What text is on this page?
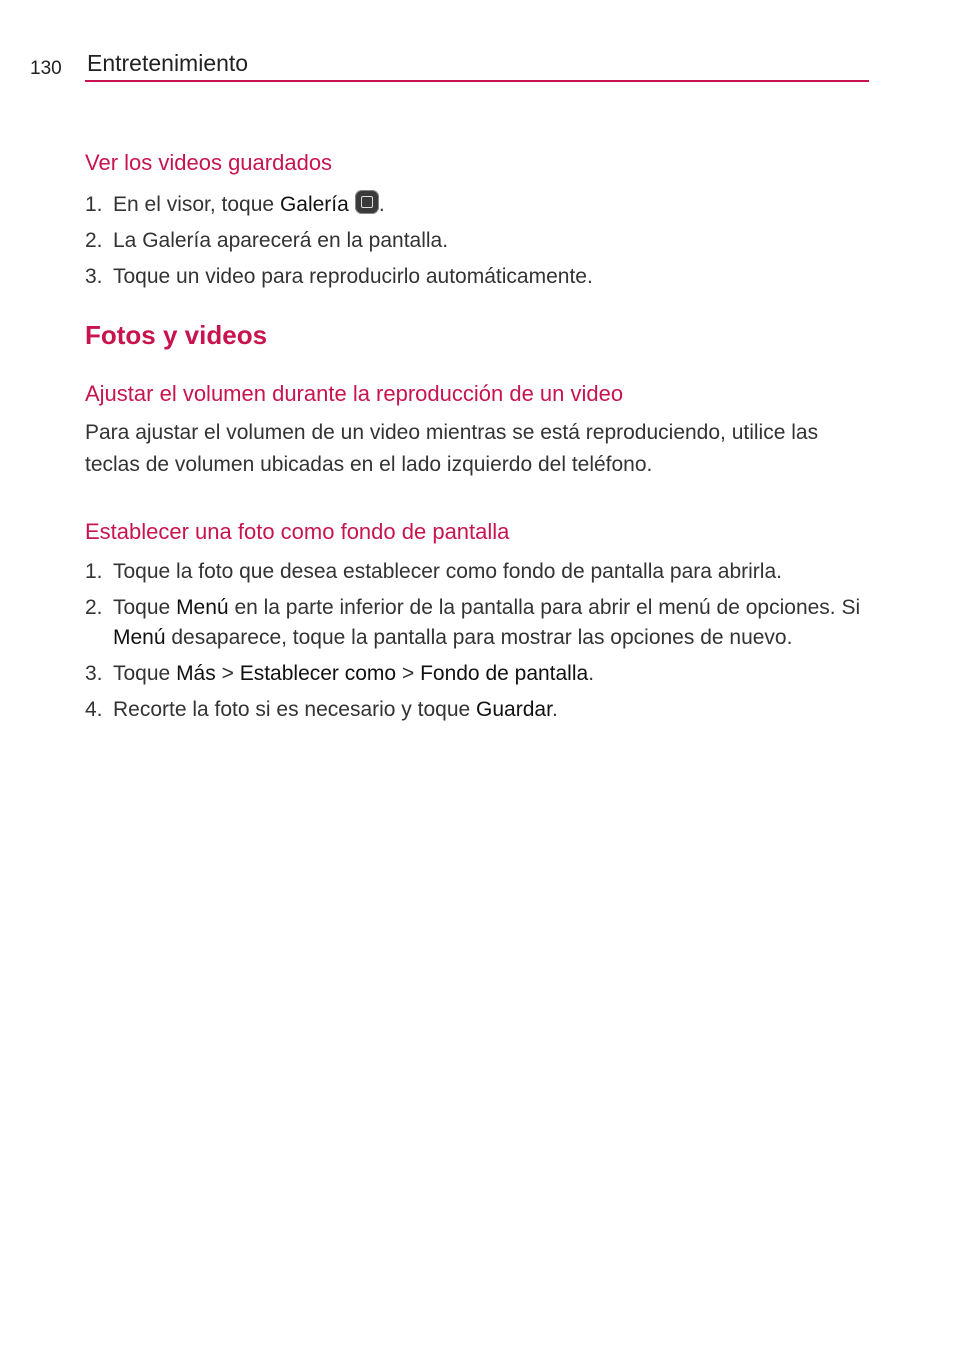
130 Entretenimiento
Ver los videos guardados
1. En el visor, toque Galería .
2. La Galería aparecerá en la pantalla.
3. Toque un video para reproducirlo automáticamente.
Fotos y videos
Ajustar el volumen durante la reproducción de un video

Para ajustar el volumen de un video mientras se está reproduciendo, utilice las teclas de volumen ubicadas en el lado izquierdo del teléfono.

Establecer una foto como fondo de pantalla
1. Toque la foto que desea establecer como fondo de pantalla para abrirla.
2. Toque Menú en la parte inferior de la pantalla para abrir el menú de opciones. Si Menú desaparece, toque la pantalla para mostrar las opciones de nuevo.
3. Toque Más > Establecer como > Fondo de pantalla.
4. Recorte la foto si es necesario y toque Guardar.
